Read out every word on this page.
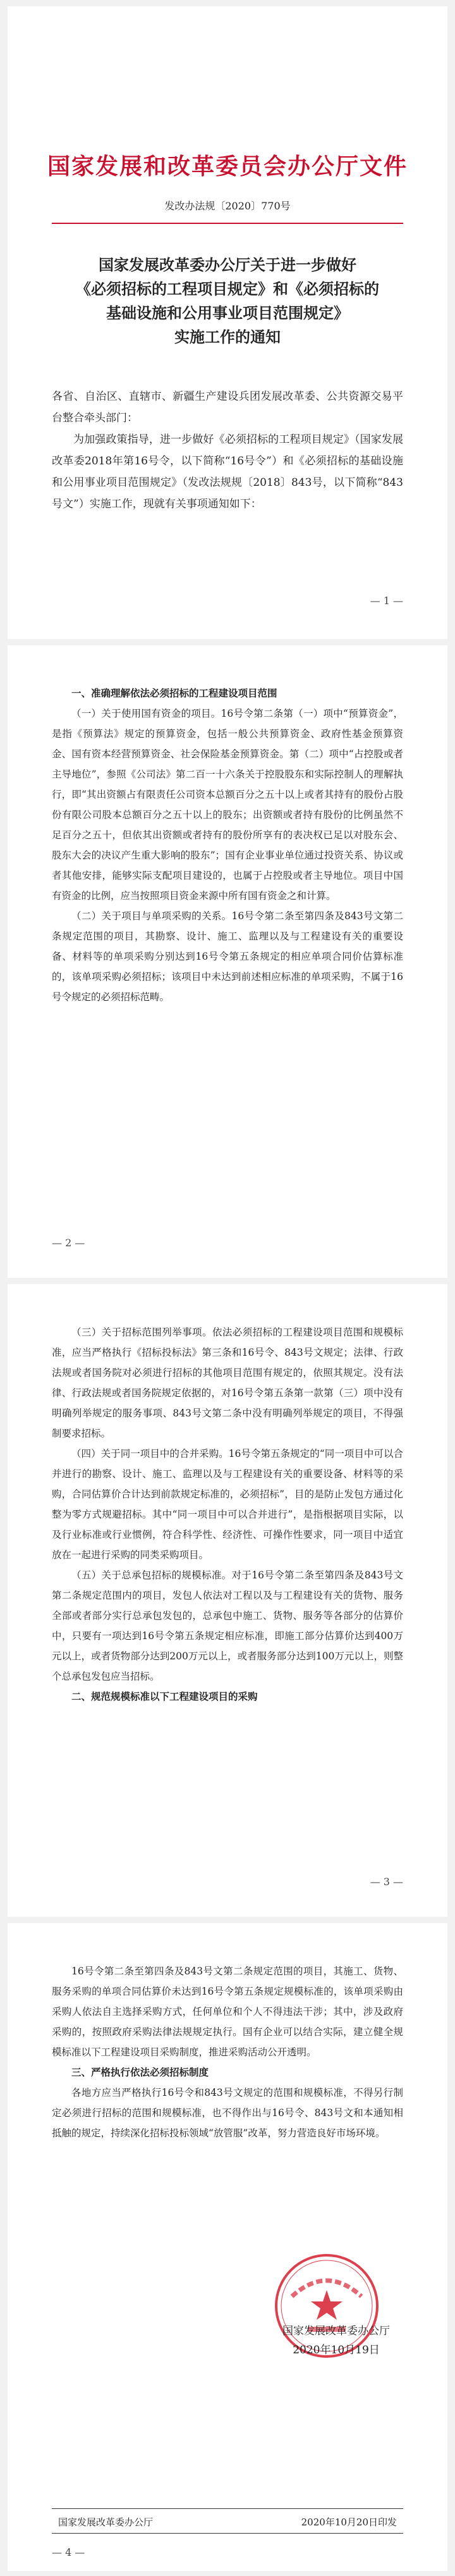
国家发展和改革委员会办公厅文件
发改办法规〔2020〕770号
国家发展改革委办公厅关于进一步做好
《必须招标的工程项目规定》和《必须招标的
基础设施和公用事业项目范围规定》
实施工作的通知

各省、自治区、直辖市、新疆生产建设兵团发展改革委、公共资源交易平台整合牵头部门：

为加强政策指导，进一步做好《必须招标的工程项目规定》（国家发展改革委2018年第16号令，以下简称“16号令”）和《必须招标的基础设施和公用事业项目范围规定》（发改法规规〔2018〕843号，以下简称“843号文”）实施工作，现就有关事项通知如下：

— 1 —

一、准确理解依法必须招标的工程建设项目范围

（一）关于使用国有资金的项目。16号令第二条第（一）项中“预算资金”，是指《预算法》规定的预算资金，包括一般公共预算资金、政府性基金预算资金、国有资本经营预算资金、社会保险基金预算资金。第（二）项中“占控股或者主导地位”，参照《公司法》第二百一十六条关于控股股东和实际控制人的理解执行，即“其出资额占有限责任公司资本总额百分之五十以上或者其持有的股份占股份有限公司股本总额百分之五十以上的股东；出资额或者持有股份的比例虽然不足百分之五十，但依其出资额或者持有的股份所享有的表决权已足以对股东会、股东大会的决议产生重大影响的股东”；国有企业事业单位通过投资关系、协议或者其他安排，能够实际支配项目建设的，也属于占控股或者主导地位。项目中国有资金的比例，应当按照项目资金来源中所有国有资金之和计算。

（二）关于项目与单项采购的关系。16号令第二条至第四条及843号文第二条规定范围的项目，其勘察、设计、施工、监理以及与工程建设有关的重要设备、材料等的单项采购分别达到16号令第五条规定的相应单项合同价估算标准的，该单项采购必须招标；该项目中未达到前述相应标准的单项采购，不属于16号令规定的必须招标范畴。

— 2 —

（三）关于招标范围列举事项。依法必须招标的工程建设项目范围和规模标准，应当严格执行《招标投标法》第三条和16号令、843号文规定；法律、行政法规或者国务院对必须进行招标的其他项目范围有规定的，依照其规定。没有法律、行政法规或者国务院规定依据的，对16号令第五条第一款第（三）项中没有明确列举规定的服务事项、843号文第二条中没有明确列举规定的项目，不得强制要求招标。

（四）关于同一项目中的合并采购。16号令第五条规定的“同一项目中可以合并进行的勘察、设计、施工、监理以及与工程建设有关的重要设备、材料等的采购，合同估算价合计达到前款规定标准的，必须招标”，目的是防止发包方通过化整为零方式规避招标。其中“同一项目中可以合并进行”，是指根据项目实际，以及行业标准或行业惯例，符合科学性、经济性、可操作性要求，同一项目中适宜放在一起进行采购的同类采购项目。

（五）关于总承包招标的规模标准。对于16号令第二条至第四条及843号文第二条规定范围内的项目，发包人依法对工程以及与工程建设有关的货物、服务全部或者部分实行总承包发包的，总承包中施工、货物、服务等各部分的估算价中，只要有一项达到16号令第五条规定相应标准，即施工部分估算价达到400万元以上，或者货物部分达到200万元以上，或者服务部分达到100万元以上，则整个总承包发包应当招标。

二、规范规模标准以下工程建设项目的采购

— 3 —

16号令第二条至第四条及843号文第二条规定范围的项目，其施工、货物、服务采购的单项合同估算价未达到16号令第五条规定规模标准的，该单项采购由采购人依法自主选择采购方式，任何单位和个人不得违法干涉；其中，涉及政府采购的，按照政府采购法律法规规定执行。国有企业可以结合实际，建立健全规模标准以下工程建设项目采购制度，推进采购活动公开透明。

三、严格执行依法必须招标制度

各地方应当严格执行16号令和843号文规定的范围和规模标准，不得另行制定必须进行招标的范围和规模标准，也不得作出与16号令、843号文和本通知相抵触的规定，持续深化招标投标领域“放管服”改革，努力营造良好市场环境。

国家发展改革委办公厅
2020年10月19日
国家发展改革委办公厅	2020年10月20日印发
— 4 —
